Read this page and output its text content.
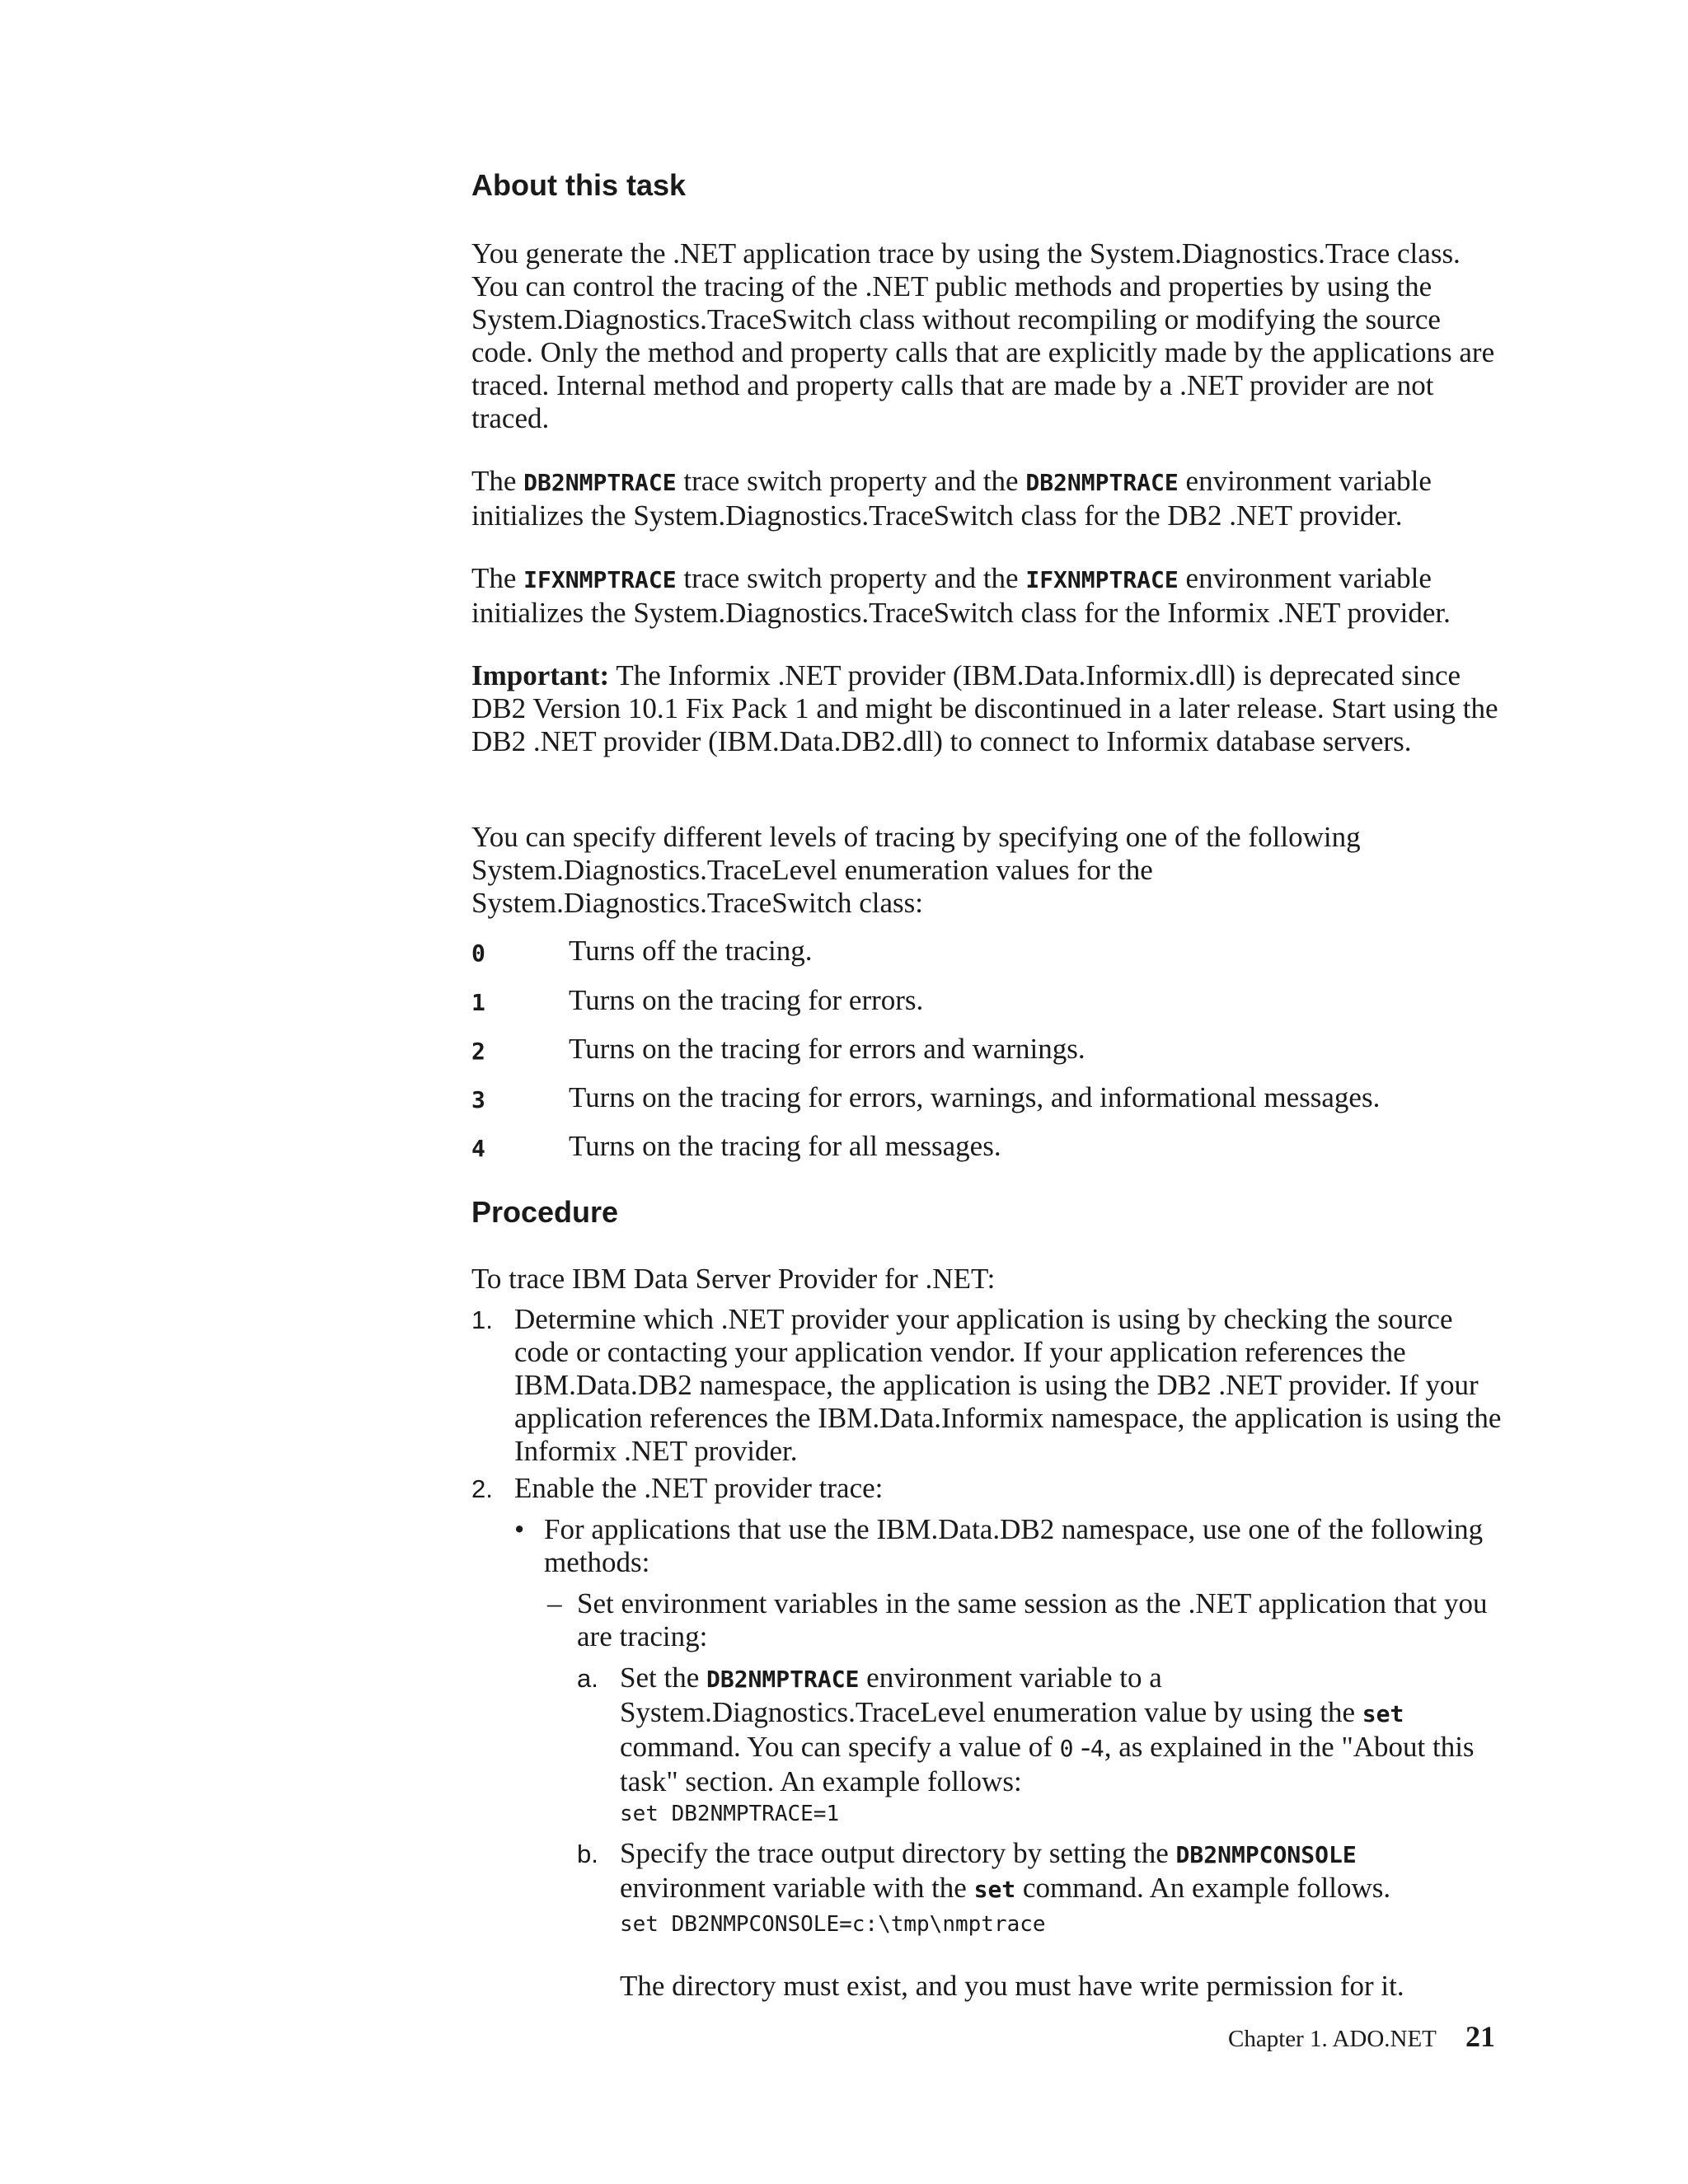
About this task

You generate the .NET application trace by using the System.Diagnostics.Trace class. You can control the tracing of the .NET public methods and properties by using the System.Diagnostics.TraceSwitch class without recompiling or modifying the source code. Only the method and property calls that are explicitly made by the applications are traced. Internal method and property calls that are made by a .NET provider are not traced.

The DB2NMPTRACE trace switch property and the DB2NMPTRACE environment variable initializes the System.Diagnostics.TraceSwitch class for the DB2 .NET provider.

The IFXNMPTRACE trace switch property and the IFXNMPTRACE environment variable initializes the System.Diagnostics.TraceSwitch class for the Informix .NET provider.

Important: The Informix .NET provider (IBM.Data.Informix.dll) is deprecated since DB2 Version 10.1 Fix Pack 1 and might be discontinued in a later release. Start using the DB2 .NET provider (IBM.Data.DB2.dll) to connect to Informix database servers.

You can specify different levels of tracing by specifying one of the following System.Diagnostics.TraceLevel enumeration values for the System.Diagnostics.TraceSwitch class:

0	Turns off the tracing.
1	Turns on the tracing for errors.
2	Turns on the tracing for errors and warnings.
3	Turns on the tracing for errors, warnings, and informational messages.
4	Turns on the tracing for all messages.
Procedure

To trace IBM Data Server Provider for .NET:

1. Determine which .NET provider your application is using by checking the source code or contacting your application vendor. If your application references the IBM.Data.DB2 namespace, the application is using the DB2 .NET provider. If your application references the IBM.Data.Informix namespace, the application is using the Informix .NET provider.

2. Enable the .NET provider trace:

• For applications that use the IBM.Data.DB2 namespace, use one of the following methods:

– Set environment variables in the same session as the .NET application that you are tracing:

a. Set the DB2NMPTRACE environment variable to a System.Diagnostics.TraceLevel enumeration value by using the set command. You can specify a value of 0 -4, as explained in the "About this task" section. An example follows:

set DB2NMPTRACE=1
b. Specify the trace output directory by setting the DB2NMPCONSOLE environment variable with the set command. An example follows.

set DB2NMPCONSOLE=c:\tmp\nmptrace

The directory must exist, and you must have write permission for it.

Chapter 1. ADO.NET 21
